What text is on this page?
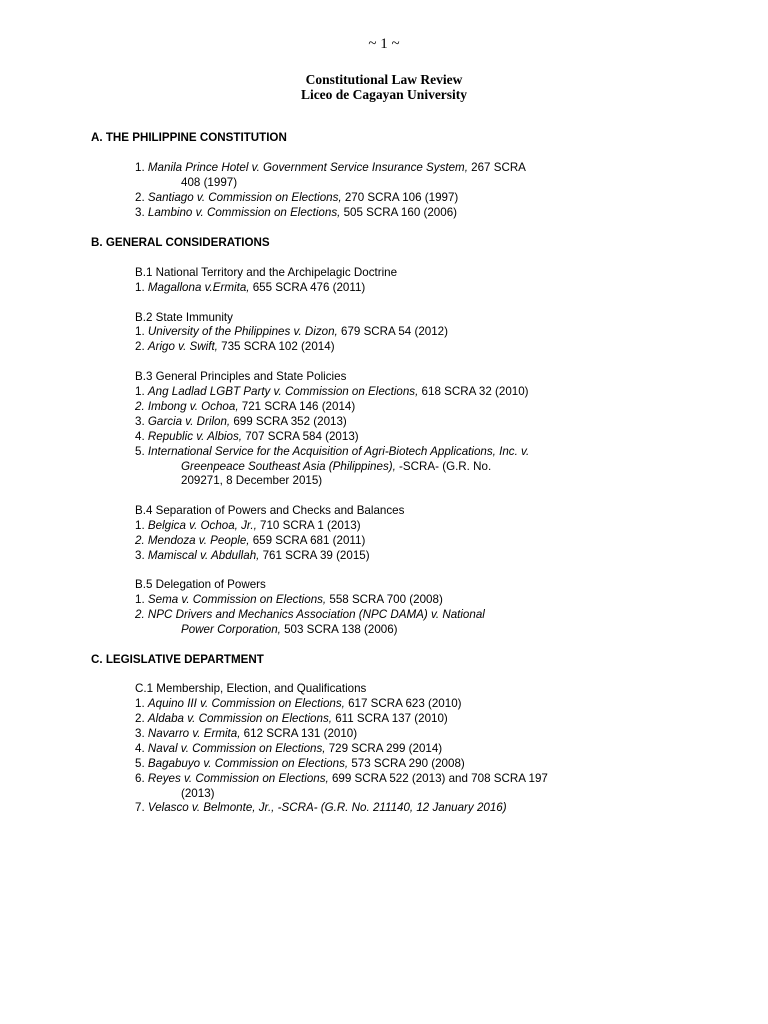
~ 1 ~
Constitutional Law Review
Liceo de Cagayan University
A. THE PHILIPPINE CONSTITUTION
1. Manila Prince Hotel v. Government Service Insurance System, 267 SCRA
408 (1997)
2. Santiago v. Commission on Elections, 270 SCRA 106 (1997)
3. Lambino v. Commission on Elections, 505 SCRA 160 (2006)
B. GENERAL CONSIDERATIONS
B.1 National Territory and the Archipelagic Doctrine
1. Magallona v.Ermita, 655 SCRA 476 (2011)
B.2 State Immunity
1. University of the Philippines v. Dizon, 679 SCRA 54 (2012)
2. Arigo v. Swift, 735 SCRA 102 (2014)
B.3 General Principles and State Policies
1. Ang Ladlad LGBT Party v. Commission on Elections, 618 SCRA 32 (2010)
2. Imbong v. Ochoa, 721 SCRA 146 (2014)
3. Garcia v. Drilon, 699 SCRA 352 (2013)
4. Republic v. Albios, 707 SCRA 584 (2013)
5. International Service for the Acquisition of Agri-Biotech Applications, Inc. v.
Greenpeace Southeast Asia (Philippines), -SCRA- (G.R. No.
209271, 8 December 2015)
B.4 Separation of Powers and Checks and Balances
1. Belgica v. Ochoa, Jr., 710 SCRA 1 (2013)
2. Mendoza v. People, 659 SCRA 681 (2011)
3. Mamiscal v. Abdullah, 761 SCRA 39 (2015)
B.5 Delegation of Powers
1. Sema v. Commission on Elections, 558 SCRA 700 (2008)
2. NPC Drivers and Mechanics Association (NPC DAMA) v. National
Power Corporation, 503 SCRA 138 (2006)
C. LEGISLATIVE DEPARTMENT
C.1 Membership, Election, and Qualifications
1. Aquino III v. Commission on Elections, 617 SCRA 623 (2010)
2. Aldaba v. Commission on Elections, 611 SCRA 137 (2010)
3. Navarro v. Ermita, 612 SCRA 131 (2010)
4. Naval v. Commission on Elections, 729 SCRA 299 (2014)
5. Bagabuyo v. Commission on Elections, 573 SCRA 290 (2008)
6. Reyes v. Commission on Elections, 699 SCRA 522 (2013) and 708 SCRA 197
(2013)
7. Velasco v. Belmonte, Jr., -SCRA- (G.R. No. 211140, 12 January 2016)
